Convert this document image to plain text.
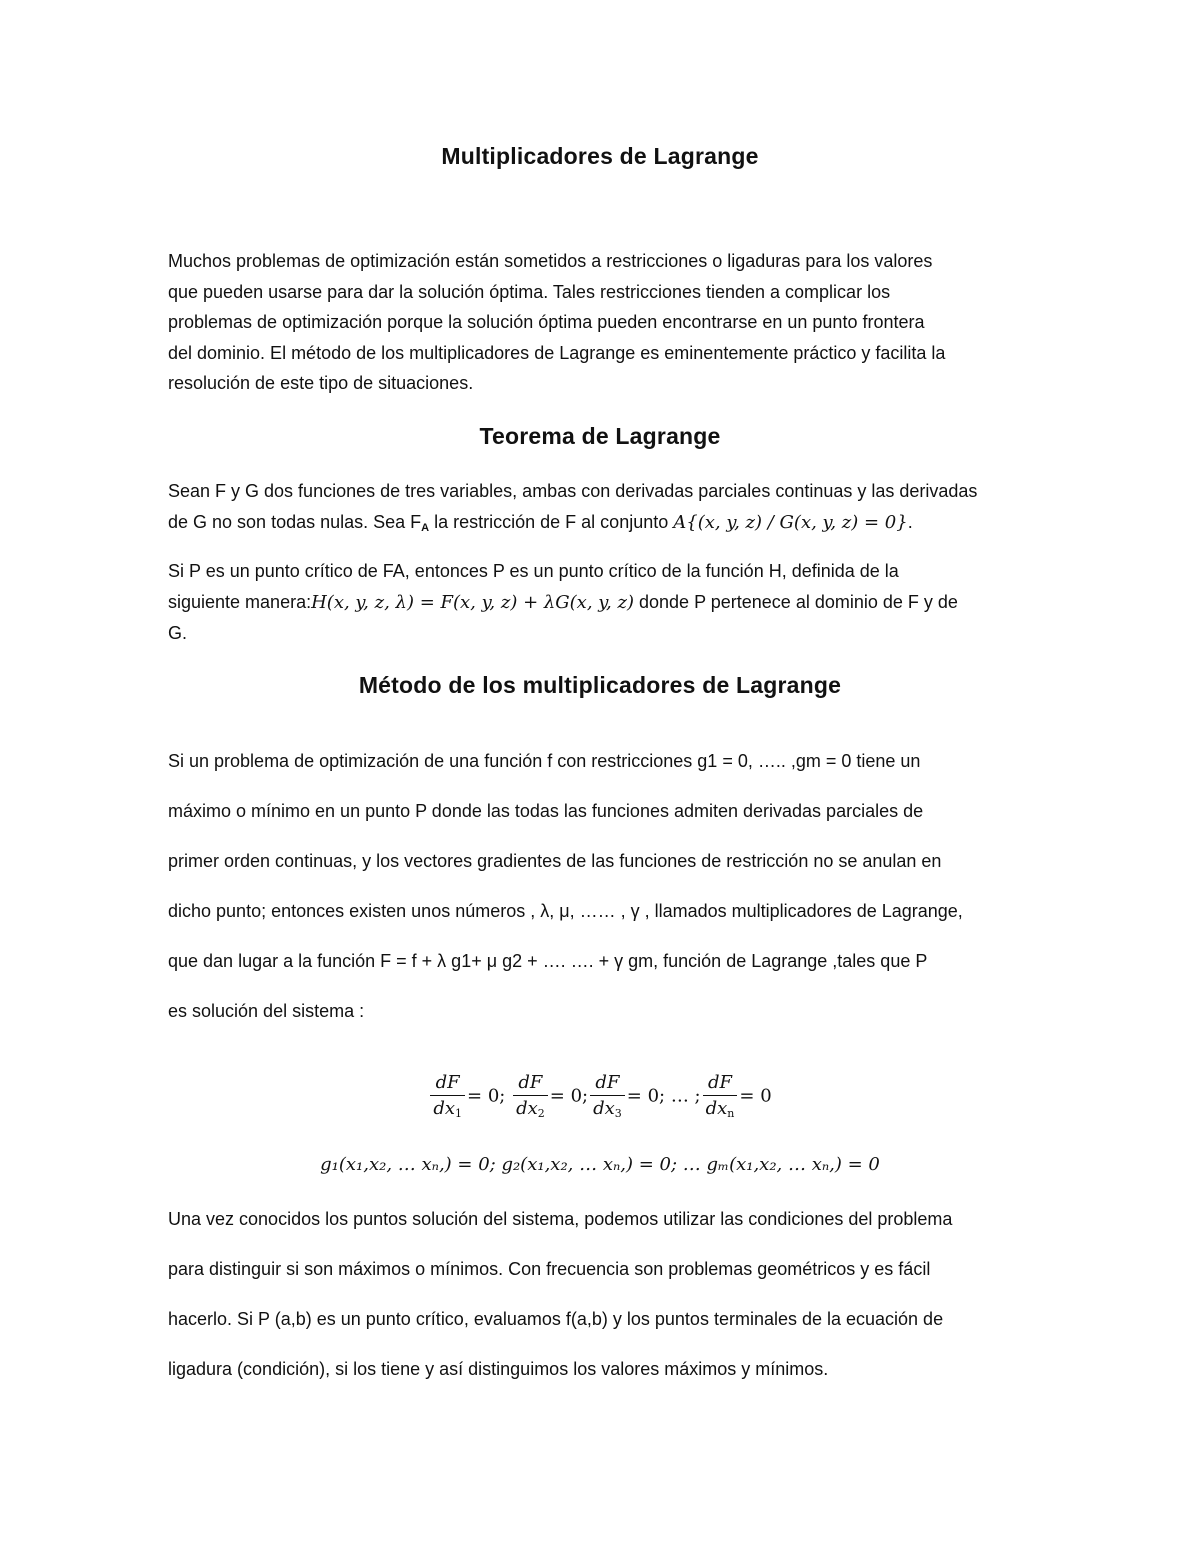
Multiplicadores de Lagrange
Muchos problemas de optimización están sometidos a restricciones o ligaduras para los valores
que pueden usarse para dar la solución óptima. Tales restricciones tienden a complicar los
problemas de optimización porque la solución óptima pueden encontrarse en un punto frontera
del dominio. El método de los multiplicadores de Lagrange es eminentemente práctico y facilita la
resolución de este tipo de situaciones.
Teorema de Lagrange
Sean F y G dos funciones de tres variables, ambas con derivadas parciales continuas y las derivadas
de G no son todas nulas. Sea $F_A$ la restricción de F al conjunto A{(x, y, z) / G(x, y, z) = 0}.
Si P es un punto crítico de FA, entonces P es un punto crítico de la función H, definida de la
siguiente manera:H(x, y, z, λ) = F(x, y, z) + λG(x, y, z) donde P pertenece al dominio de F y de
G.
Método de los multiplicadores de Lagrange
Si un problema de optimización de una función f con restricciones g1 = 0, ….. ,gm = 0 tiene un
máximo o mínimo en un punto P donde las todas las funciones admiten derivadas parciales de
primer orden continuas, y los vectores gradientes de las funciones de restricción no se anulan en
dicho punto; entonces existen unos números , λ, μ, …… , γ , llamados multiplicadores de Lagrange,
que dan lugar a la función F = f + λ g1+ μ g2 + …. …. + γ gm, función de Lagrange ,tales que P
es solución del sistema :
$\frac{dF}{dx_1} = 0$; $\frac{dF}{dx_2} = 0$; $\frac{dF}{dx_3} = 0$; … ; $\frac{dF}{dx_n} = 0$
g₁(x₁,x₂, … xₙ,) = 0; g₂(x₁,x₂, … xₙ,) = 0; … gₘ(x₁,x₂, … xₙ,) = 0
Una vez conocidos los puntos solución del sistema, podemos utilizar las condiciones del problema
para distinguir si son máximos o mínimos. Con frecuencia son problemas geométricos y es fácil
hacerlo. Si P (a,b) es un punto crítico, evaluamos f(a,b) y los puntos terminales de la ecuación de
ligadura (condición), si los tiene y así distinguimos los valores máximos y mínimos.
